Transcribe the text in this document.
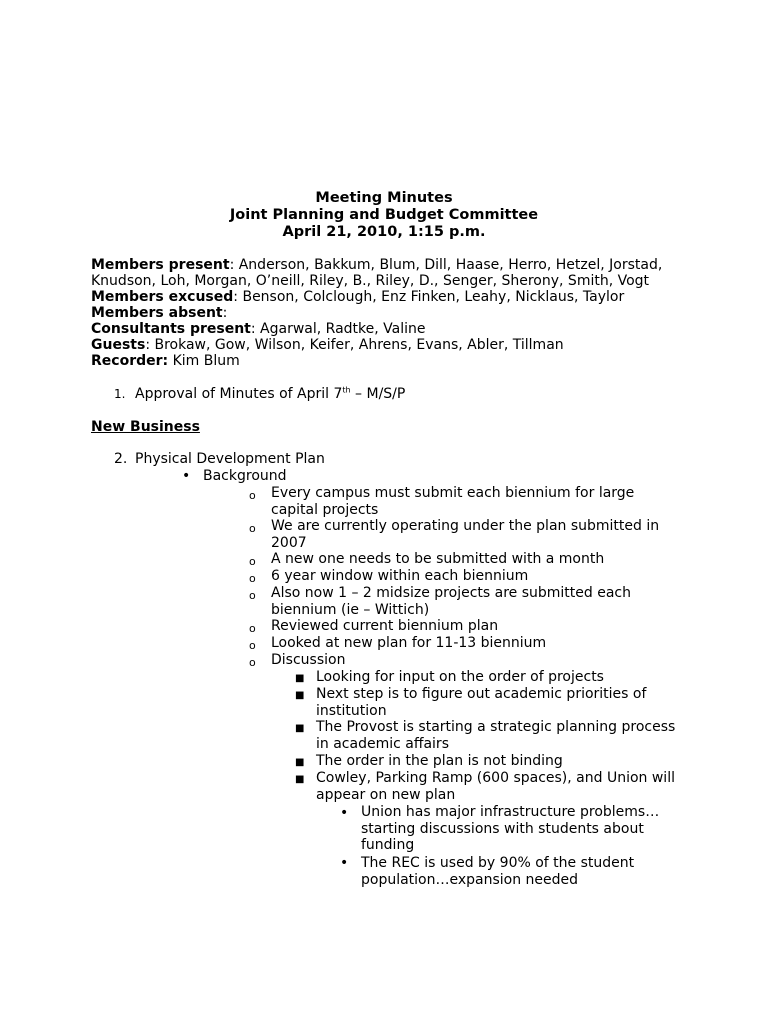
Meeting Minutes
Joint Planning and Budget Committee
April 21, 2010, 1:15 p.m.
Members present: Anderson, Bakkum, Blum, Dill, Haase, Herro, Hetzel, Jorstad, Knudson, Loh, Morgan, O’neill, Riley, B., Riley, D., Senger, Sherony, Smith, Vogt
Members excused: Benson, Colclough, Enz Finken, Leahy, Nicklaus, Taylor
Members absent:
Consultants present: Agarwal, Radtke, Valine
Guests: Brokaw, Gow, Wilson, Keifer, Ahrens, Evans, Abler, Tillman
Recorder: Kim Blum
1. Approval of Minutes of April 7th – M/S/P
New Business
2. Physical Development Plan
• Background
o Every campus must submit each biennium for large capital projects
o We are currently operating under the plan submitted in 2007
o A new one needs to be submitted with a month
o 6 year window within each biennium
o Also now 1 – 2 midsize projects are submitted each biennium (ie – Wittich)
o Reviewed current biennium plan
o Looked at new plan for 11-13 biennium
o Discussion
■ Looking for input on the order of projects
■ Next step is to figure out academic priorities of institution
■ The Provost is starting a strategic planning process in academic affairs
■ The order in the plan is not binding
■ Cowley, Parking Ramp (600 spaces), and Union will appear on new plan
• Union has major infrastructure problems… starting discussions with students about funding
• The REC is used by 90% of the student population…expansion needed
